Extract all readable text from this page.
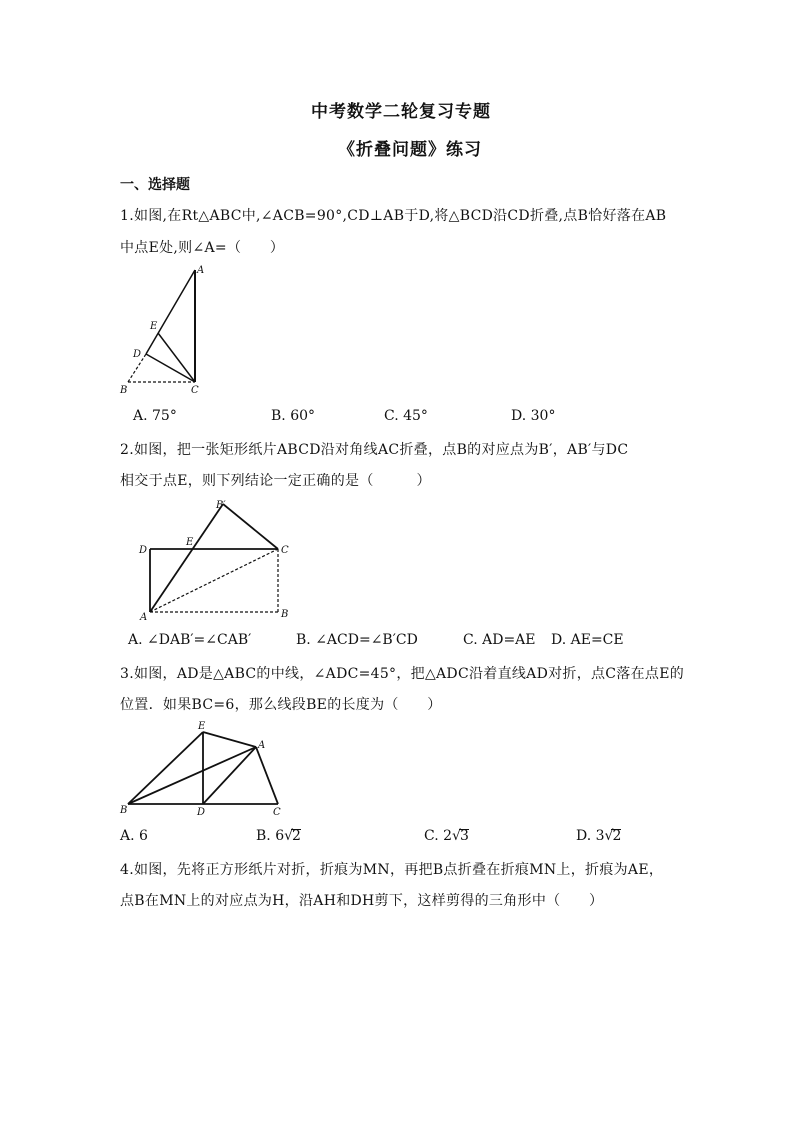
中考数学二轮复习专题
《折叠问题》练习
一、选择题
1.如图,在Rt△ABC中,∠ACB=90°,CD⊥AB于D,将△BCD沿CD折叠,点B恰好落在AB
中点E处,则∠A=（　　）
A
E
D
B	C
A. 75°	B. 60°	C. 45°	D. 30°
2.如图，把一张矩形纸片ABCD沿对角线AC折叠，点B的对应点为B′，AB′与DC
相交于点E，则下列结论一定正确的是（　　　）
B′
D
E
C
A	B
A. ∠DAB′=∠CAB′	B. ∠ACD=∠B′CD	C. AD=AE D. AE=CE
3.如图，AD是△ABC的中线，∠ADC=45°，把△ADC沿着直线AD对折，点C落在点E的
位置．如果BC=6，那么线段BE的长度为（　　）
E
A
B	D	C
A. 6	B. 6√2	C. 2√3	D. 3√2
4.如图，先将正方形纸片对折，折痕为MN，再把B点折叠在折痕MN上，折痕为AE，
点B在MN上的对应点为H，沿AH和DH剪下，这样剪得的三角形中（　　）
